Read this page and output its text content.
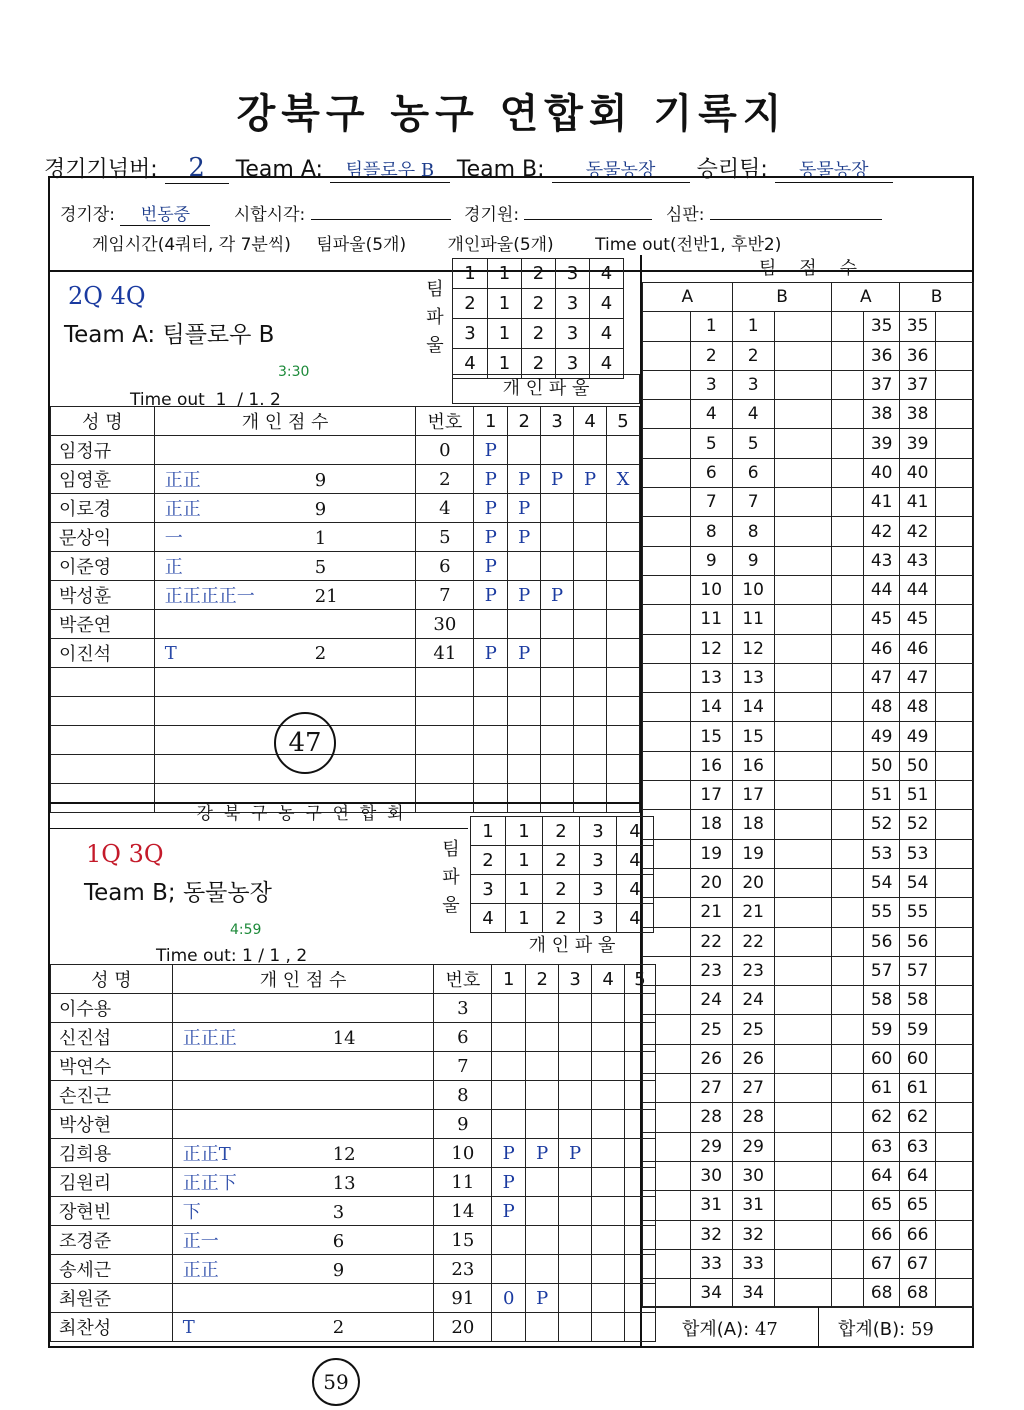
강북구 농구 연합회 기록지
경기기넘버: 2 Team A: 팀플로우 B Team B: 동물농장 승리팀: 동물농장
경기장: 번동중	시합시각:	경기원:	심판:
게임시간(4쿼터, 각 7분씩) 팀파울(5개) 개인파울(5개) Time out(전반1, 후반2)
2Q 4Q
Team A: 팀플로우 B
3:30
Time out  1  / 1. 2
팀 파 울
1	1	2	3	4
2	1	2	3	4
3	1	2	3	4
4	1	2	3	4
개 인 파 울
성 명	개 인 점 수	번호	1	2	3	4	5
임정규		0	P				
임영훈	正正 9	2	P	P	P	P	X
이로경	正正 9	4	P	P			
문상익	一 1	5	P	P			
이준영	正 5	6	P				
박성훈	正正正正一 21	7	P	P	P		
박준연		30					
이진석	T 2	41	P	P			

47
강  북  구  농  구  연  합  회
1Q 3Q
Team B; 동물농장
4:59
Time out: 1 / 1 , 2
팀 파 울
1	1	2	3	4
2	1	2	3	4
3	1	2	3	4
4	1	2	3	4
개 인 파 울
성 명	개 인 점 수	번호	1	2	3	4	5
이수용		3					
신진섭	正正正 14	6					
박연수		7					
손진근		8					
박상현		9					
김희용	正正T 12	10	P	P	P		
김원리	正正下 13	11	P				
장현빈	下 3	14	P				
조경준	正一 6	15					
송세근	正正 9	23					
최원준		91	0	P			
최찬성	T 2	20					
59
팀    점    수
A		B		A		B	
	1	1			35	35	
	2	2			36	36	
	3	3			37	37	
	4	4			38	38	
	5	5			39	39	
	6	6			40	40	
	7	7			41	41	
	8	8			42	42	
	9	9			43	43	
	10	10			44	44	
	11	11			45	45	
	12	12			46	46	
	13	13			47	47	
	14	14			48	48	
	15	15			49	49	
	16	16			50	50	
	17	17			51	51	
	18	18			52	52	
	19	19			53	53	
	20	20			54	54	
	21	21			55	55	
	22	22			56	56	
	23	23			57	57	
	24	24			58	58	
	25	25			59	59	
	26	26			60	60	
	27	27			61	61	
	28	28			62	62	
	29	29			63	63	
	30	30			64	64	
	31	31			65	65	
	32	32			66	66	
	33	33			67	67	
	34	34			68	68	
합계(A): 47	합계(B): 59
